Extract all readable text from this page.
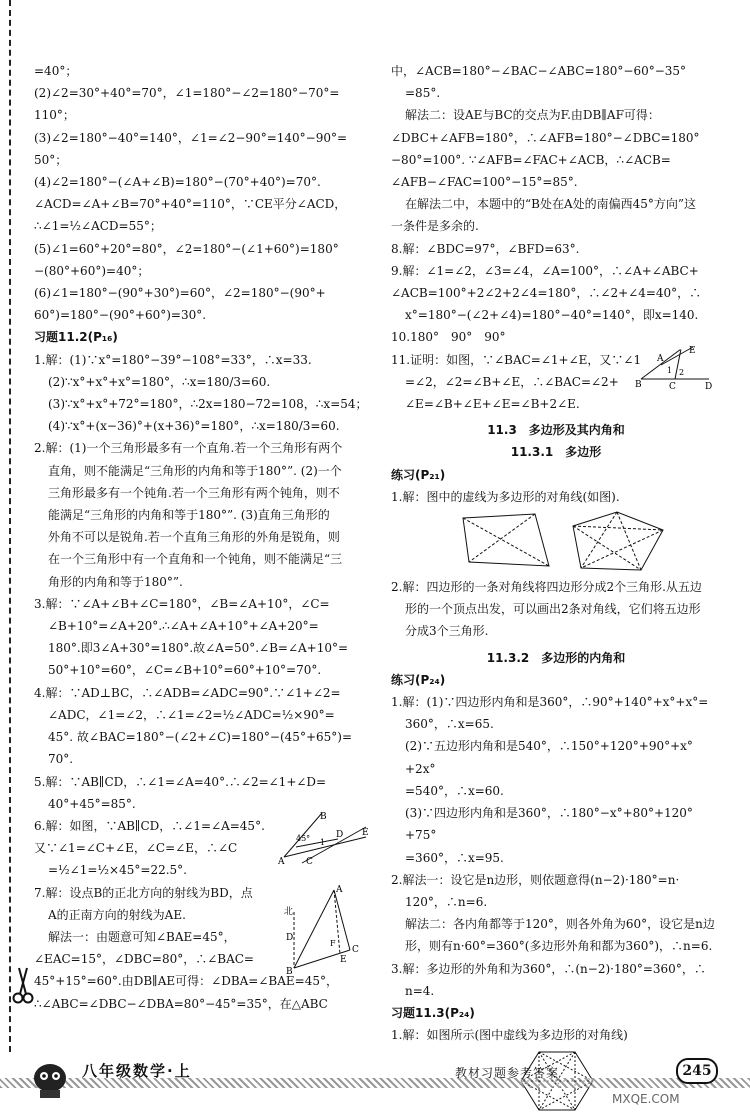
=40°；

(2)∠2=30°+40°=70°，∠1=180°−∠2=180°−70°=

110°；

(3)∠2=180°−40°=140°，∠1=∠2−90°=140°−90°=

50°；

(4)∠2=180°−(∠A+∠B)=180°−(70°+40°)=70°.

∠ACD=∠A+∠B=70°+40°=110°，∵CE平分∠ACD，

∴∠1=½∠ACD=55°；

(5)∠1=60°+20°=80°，∠2=180°−(∠1+60°)=180°

−(80°+60°)=40°；

(6)∠1=180°−(90°+30°)=60°，∠2=180°−(90°+

60°)=180°−(90°+60°)=30°.

习题11.2(P₁₆)

1.解：(1)∵x°=180°−39°−108°=33°，∴x=33.

(2)∵x°+x°+x°=180°，∴x=180/3=60.

(3)∵x°+x°+72°=180°，∴2x=180−72=108，∴x=54；

(4)∵x°+(x−36)°+(x+36)°=180°，∴x=180/3=60.

2.解：(1)一个三角形最多有一个直角.若一个三角形有两个

直角，则不能满足“三角形的内角和等于180°”. (2)一个

三角形最多有一个钝角.若一个三角形有两个钝角，则不

能满足“三角形的内角和等于180°”. (3)直角三角形的

外角不可以是锐角.若一个直角三角形的外角是锐角，则

在一个三角形中有一个直角和一个钝角，则不能满足“三

角形的内角和等于180°”.

3.解：∵∠A+∠B+∠C=180°，∠B=∠A+10°，∠C=

∠B+10°=∠A+20°.∴∠A+∠A+10°+∠A+20°=

180°.即3∠A+30°=180°.故∠A=50°.∠B=∠A+10°=

50°+10°=60°，∠C=∠B+10°=60°+10°=70°.

4.解：∵AD⊥BC，∴∠ADB=∠ADC=90°.∵∠1+∠2=

∠ADC，∠1=∠2，∴∠1=∠2=½∠ADC=½×90°=

45°. 故∠BAC=180°−(∠2+∠C)=180°−(45°+65°)=

70°.

5.解：∵AB∥CD，∴∠1=∠A=40°.∴∠2=∠1+∠D=

40°+45°=85°.

6.解：如图，∵AB∥CD，∴∠1=∠A=45°.

又∵∠1=∠C+∠E，∠C=∠E，∴∠C

=½∠1=½×45°=22.5°.

B
D
A C
E
45° 1

7.解：设点B的正北方向的射线为BD，点

A的正南方向的射线为AE.

解法一：由题意可知∠BAE=45°，

∠EAC=15°，∠DBC=80°，∴∠BAC=

45°+15°=60°.由DB∥AE可得：∠DBA=∠BAE=45°，

∴∠ABC=∠DBC−∠DBA=80°−45°=35°，在△ABC

A
B
C
D
E
F
北

中，∠ACB=180°−∠BAC−∠ABC=180°−60°−35°

=85°.

解法二：设AE与BC的交点为F.由DB∥AF可得：

∠DBC+∠AFB=180°，∴∠AFB=180°−∠DBC=180°

−80°=100°. ∵∠AFB=∠FAC+∠ACB，∴∠ACB=

∠AFB−∠FAC=100°−15°=85°.

在解法二中，本题中的“B处在A处的南偏西45°方向”这

一条件是多余的.

8.解：∠BDC=97°，∠BFD=63°.

9.解：∠1=∠2，∠3=∠4，∠A=100°，∴∠A+∠ABC+

∠ACB=100°+2∠2+2∠4=180°，∴∠2+∠4=40°，∴

x°=180°−(∠2+∠4)=180°−40°=140°，即x=140.

10.180°　90°　90°

11.证明：如图，∵∠BAC=∠1+∠E，又∵∠1

=∠2，∠2=∠B+∠E，∴∠BAC=∠2+

∠E=∠B+∠E+∠E=∠B+2∠E.

A
B	C	D
E
1 2

11.3　多边形及其内角和

11.3.1　多边形

练习(P₂₁)

1.解：图中的虚线为多边形的对角线(如图).

2.解：四边形的一条对角线将四边形分成2个三角形.从五边

形的一个顶点出发，可以画出2条对角线，它们将五边形

分成3个三角形.

11.3.2　多边形的内角和

练习(P₂₄)

1.解：(1)∵四边形内角和是360°，∴90°+140°+x°+x°=

360°，∴x=65.

(2)∵五边形内角和是540°，∴150°+120°+90°+x°+2x°

=540°，∴x=60.

(3)∵四边形内角和是360°，∴180°−x°+80°+120°+75°

=360°，∴x=95.

2.解法一：设它是n边形，则依题意得(n−2)·180°=n·

120°，∴n=6.

解法二：各内角都等于120°，则各外角为60°，设它是n边

形，则有n·60°=360°(多边形外角和都为360°)，∴n=6.

3.解：多边形的外角和为360°，∴(n−2)·180°=360°，∴

n=4.

习题11.3(P₂₄)

1.解：如图所示(图中虚线为多边形的对角线)

八年级数学·上	教材习题参考答案	245
MXQE.COM
